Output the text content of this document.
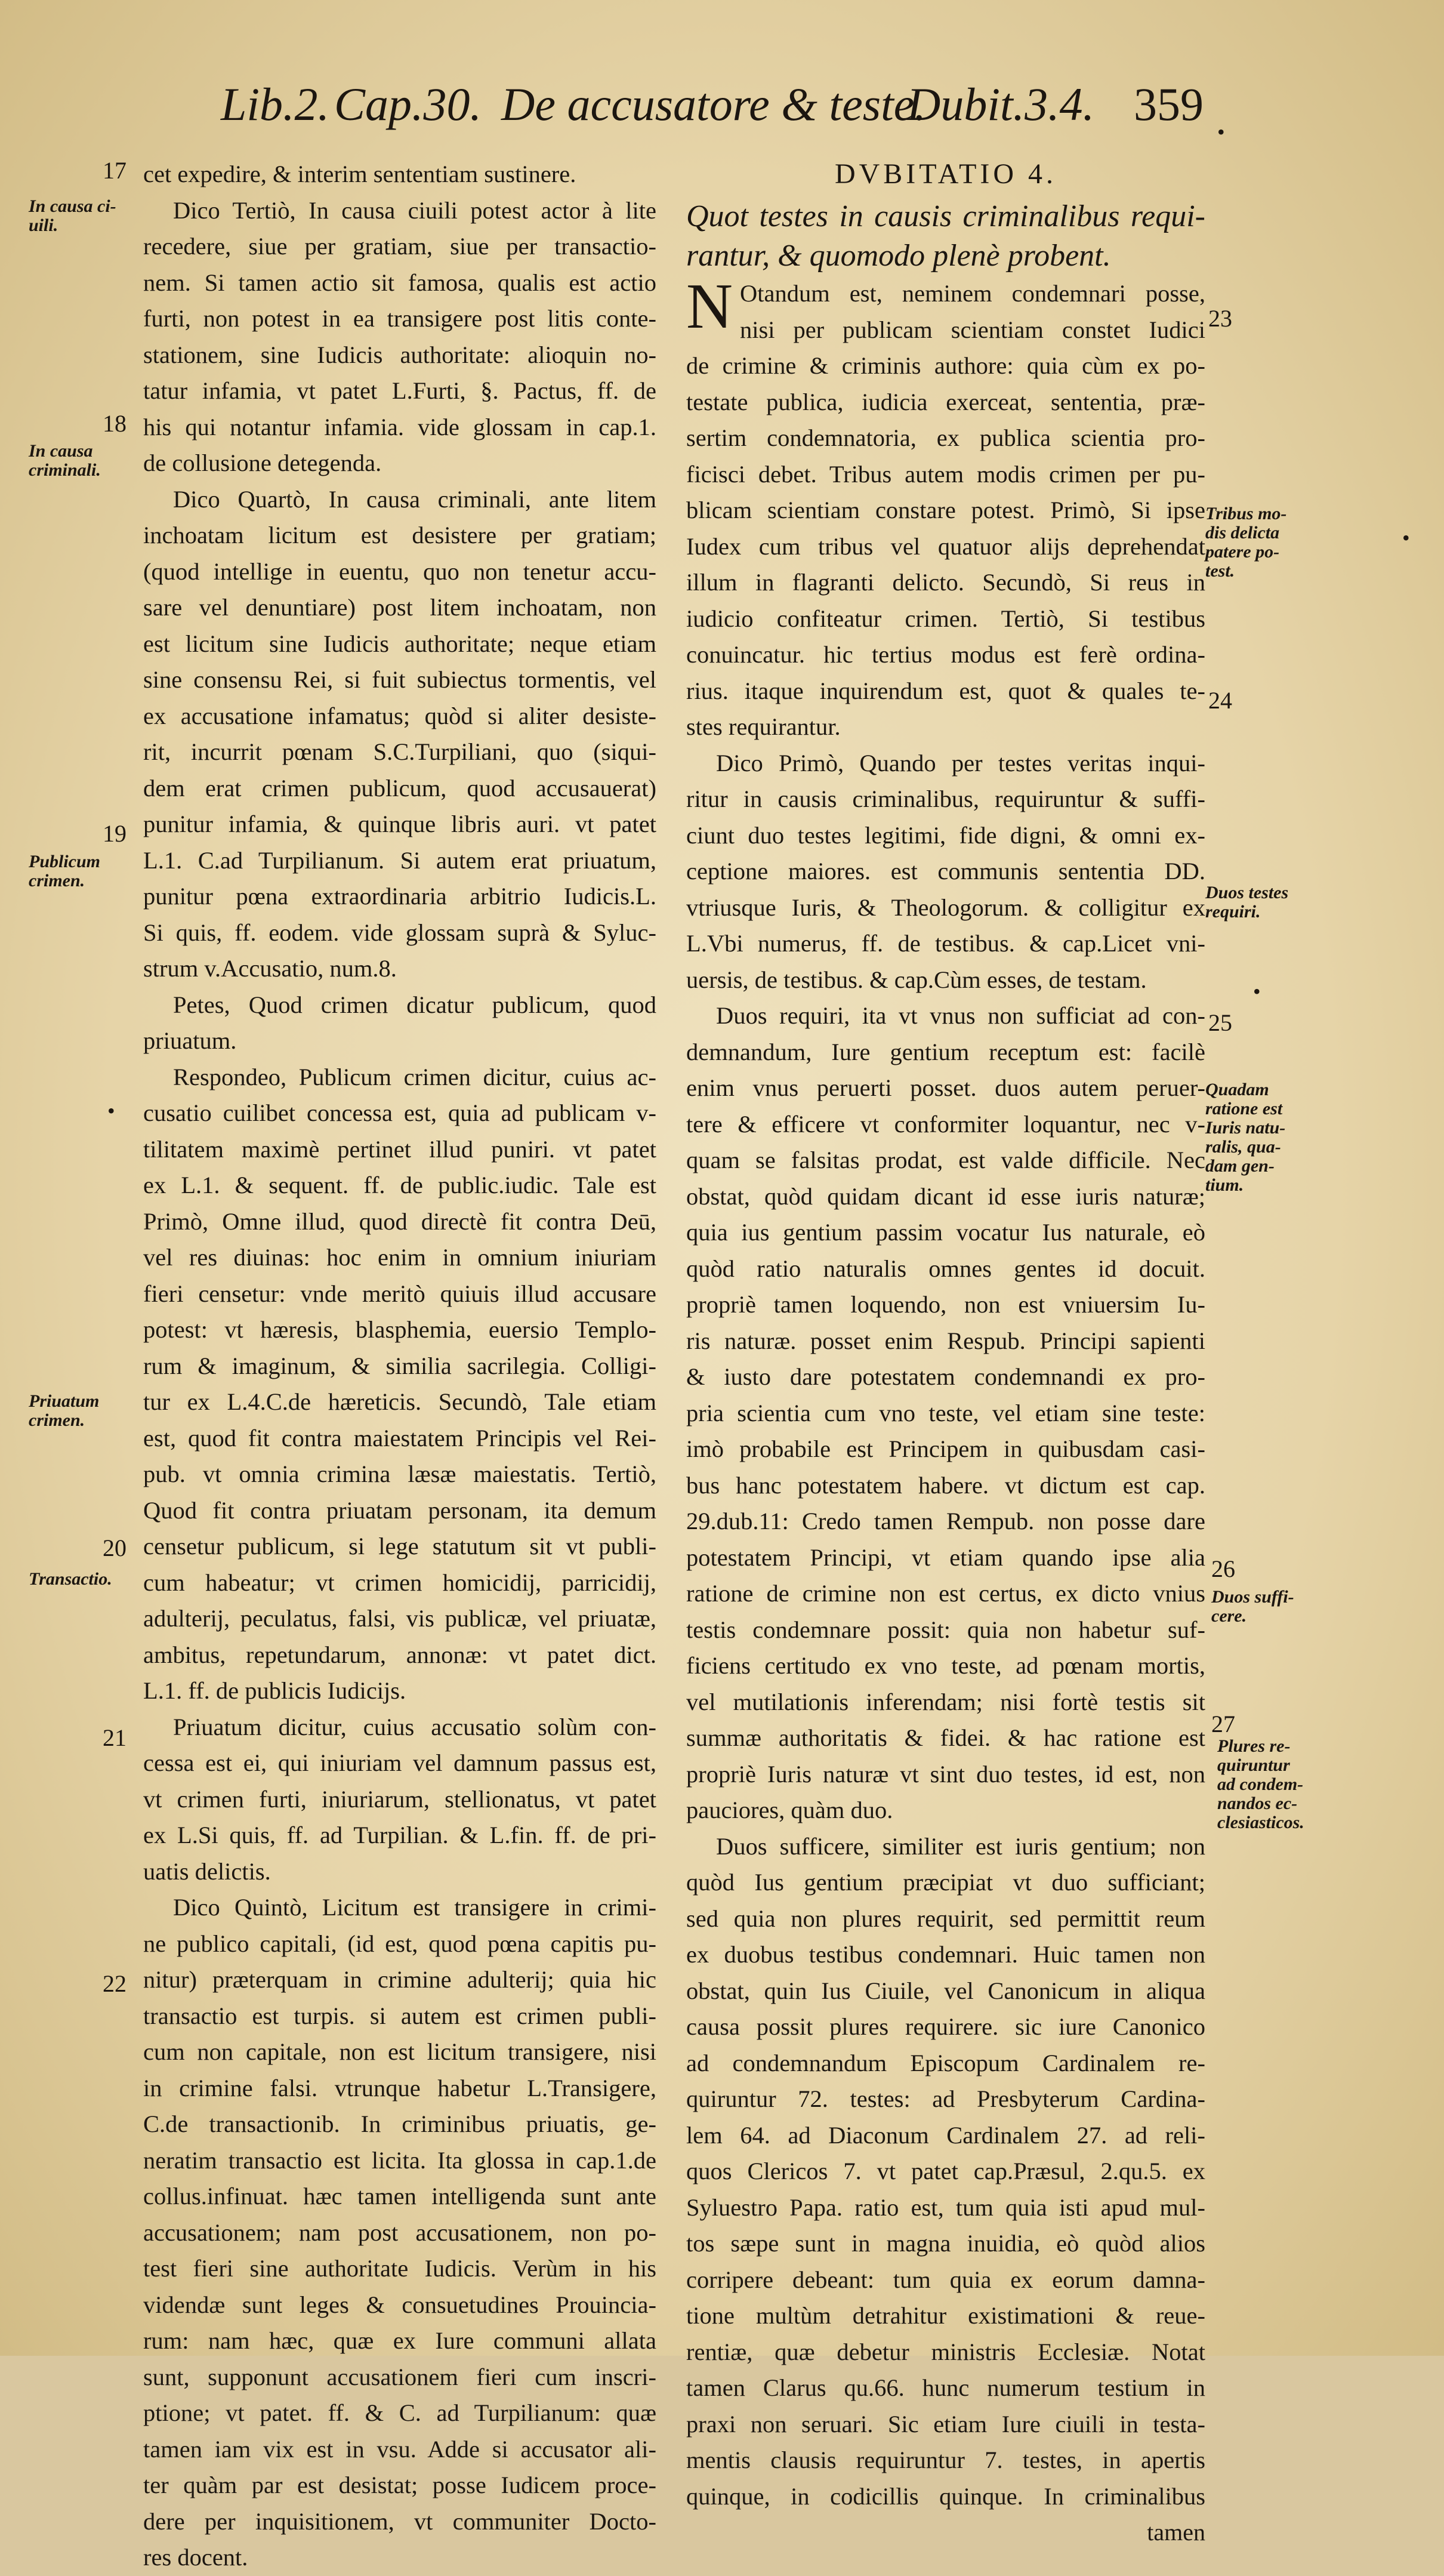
Lib.2. Cap.30. De accusatore & teste.
Dubit.3.4. 359
•
cet expedire, & interim sententiam sustinere.
Dico Tertiò, In causa ciuili potest actor à lite
recedere, siue per gratiam, siue per transactio-
nem. Si tamen actio sit famosa, qualis est actio
furti, non potest in ea transigere post litis conte-
stationem, sine Iudicis authoritate: alioquin no-
tatur infamia, vt patet L.Furti, §. Pactus, ff. de
his qui notantur infamia. vide glossam in cap.1.
de collusione detegenda.
Dico Quartò, In causa criminali, ante litem
inchoatam licitum est desistere per gratiam;
(quod intellige in euentu, quo non tenetur accu-
sare vel denuntiare) post litem inchoatam, non
est licitum sine Iudicis authoritate; neque etiam
sine consensu Rei, si fuit subiectus tormentis, vel
ex accusatione infamatus; quòd si aliter desiste-
rit, incurrit pœnam S.C.Turpiliani, quo (siqui-
dem erat crimen publicum, quod accusauerat)
punitur infamia, & quinque libris auri. vt patet
L.1. C.ad Turpilianum. Si autem erat priuatum,
punitur pœna extraordinaria arbitrio Iudicis.L.
Si quis, ff. eodem. vide glossam suprà & Syluc-
strum v.Accusatio, num.8.
Petes, Quod crimen dicatur publicum, quod
priuatum.
Respondeo, Publicum crimen dicitur, cuius ac-
cusatio cuilibet concessa est, quia ad publicam v-
tilitatem maximè pertinet illud puniri. vt patet
ex L.1. & sequent. ff. de public.iudic. Tale est
Primò, Omne illud, quod directè fit contra Deū,
vel res diuinas: hoc enim in omnium iniuriam
fieri censetur: vnde meritò quiuis illud accusare
potest: vt hæresis, blasphemia, euersio Templo-
rum & imaginum, & similia sacrilegia. Colligi-
tur ex L.4.C.de hæreticis. Secundò, Tale etiam
est, quod fit contra maiestatem Principis vel Rei-
pub. vt omnia crimina læsæ maiestatis. Tertiò,
Quod fit contra priuatam personam, ita demum
censetur publicum, si lege statutum sit vt publi-
cum habeatur; vt crimen homicidij, parricidij,
adulterij, peculatus, falsi, vis publicæ, vel priuatæ,
ambitus, repetundarum, annonæ: vt patet dict.
L.1. ff. de publicis Iudicijs.
Priuatum dicitur, cuius accusatio solùm con-
cessa est ei, qui iniuriam vel damnum passus est,
vt crimen furti, iniuriarum, stellionatus, vt patet
ex L.Si quis, ff. ad Turpilian. & L.fin. ff. de pri-
uatis delictis.
Dico Quintò, Licitum est transigere in crimi-
ne publico capitali, (id est, quod pœna capitis pu-
nitur) præterquam in crimine adulterij; quia hic
transactio est turpis. si autem est crimen publi-
cum non capitale, non est licitum transigere, nisi
in crimine falsi. vtrunque habetur L.Transigere,
C.de transactionib. In criminibus priuatis, ge-
neratim transactio est licita. Ita glossa in cap.1.de
collus.infinuat. hæc tamen intelligenda sunt ante
accusationem; nam post accusationem, non po-
test fieri sine authoritate Iudicis. Verùm in his
videndæ sunt leges & consuetudines Prouincia-
rum: nam hæc, quæ ex Iure communi allata
sunt, supponunt accusationem fieri cum inscri-
ptione; vt patet. ff. & C. ad Turpilianum: quæ
tamen iam vix est in vsu. Adde si accusator ali-
ter quàm par est desistat; posse Iudicem proce-
dere per inquisitionem, vt communiter Docto-
res docent.
DVBITATIO 4.
Quot testes in causis criminalibus requi-
rantur, & quomodo plenè probent.
N Otandum est, neminem condemnari posse,
nisi per publicam scientiam constet Iudici
de crimine & criminis authore: quia cùm ex po-
testate publica, iudicia exerceat, sententia, præ-
sertim condemnatoria, ex publica scientia pro-
ficisci debet. Tribus autem modis crimen per pu-
blicam scientiam constare potest. Primò, Si ipse
Iudex cum tribus vel quatuor alijs deprehendat
illum in flagranti delicto. Secundò, Si reus in
iudicio confiteatur crimen. Tertiò, Si testibus
conuincatur. hic tertius modus est ferè ordina-
rius. itaque inquirendum est, quot & quales te-
stes requirantur.
Dico Primò, Quando per testes veritas inqui-
ritur in causis criminalibus, requiruntur & suffi-
ciunt duo testes legitimi, fide digni, & omni ex-
ceptione maiores. est communis sententia DD.
vtriusque Iuris, & Theologorum. & colligitur ex
L.Vbi numerus, ff. de testibus. & cap.Licet vni-
uersis, de testibus. & cap.Cùm esses, de testam.
Duos requiri, ita vt vnus non sufficiat ad con-
demnandum, Iure gentium receptum est: facilè
enim vnus peruerti posset. duos autem peruer-
tere & efficere vt conformiter loquantur, nec v-
quam se falsitas prodat, est valde difficile. Nec
obstat, quòd quidam dicant id esse iuris naturæ;
quia ius gentium passim vocatur Ius naturale, eò
quòd ratio naturalis omnes gentes id docuit.
propriè tamen loquendo, non est vniuersim Iu-
ris naturæ. posset enim Respub. Principi sapienti
& iusto dare potestatem condemnandi ex pro-
pria scientia cum vno teste, vel etiam sine teste:
imò probabile est Principem in quibusdam casi-
bus hanc potestatem habere. vt dictum est cap.
29.dub.11: Credo tamen Rempub. non posse dare
potestatem Principi, vt etiam quando ipse alia
ratione de crimine non est certus, ex dicto vnius
testis condemnare possit: quia non habetur suf-
ficiens certitudo ex vno teste, ad pœnam mortis,
vel mutilationis inferendam; nisi fortè testis sit
summæ authoritatis & fidei. & hac ratione est
propriè Iuris naturæ vt sint duo testes, id est, non
pauciores, quàm duo.
Duos sufficere, similiter est iuris gentium; non
quòd Ius gentium præcipiat vt duo sufficiant;
sed quia non plures requirit, sed permittit reum
ex duobus testibus condemnari. Huic tamen non
obstat, quin Ius Ciuile, vel Canonicum in aliqua
causa possit plures requirere. sic iure Canonico
ad condemnandum Episcopum Cardinalem re-
quiruntur 72. testes: ad Presbyterum Cardina-
lem 64. ad Diaconum Cardinalem 27. ad reli-
quos Clericos 7. vt patet cap.Præsul, 2.qu.5. ex
Syluestro Papa. ratio est, tum quia isti apud mul-
tos sæpe sunt in magna inuidia, eò quòd alios
corripere debeant: tum quia ex eorum damna-
tione multùm detrahitur existimationi & reue-
rentiæ, quæ debetur ministris Ecclesiæ. Notat
tamen Clarus qu.66. hunc numerum testium in
praxi non seruari. Sic etiam Iure ciuili in testa-
mentis clausis requiruntur 7. testes, in apertis
quinque, in codicillis quinque. In criminalibus
tamen
In causa ci-
uili.
In causa
criminali.
Publicum
crimen.
Priuatum
crimen.
Transactio.
Tribus mo-
dis delicta
patere po-
test.
Duos testes
requiri.
Quadam
ratione est
Iuris natu-
ralis, qua-
dam gen-
tium.
Duos suffi-
cere.
Plures re-
quiruntur
ad condem-
nandos ec-
clesiasticos.
17
18
19
20
21
22
23
24
25
26
27
•
•
•
